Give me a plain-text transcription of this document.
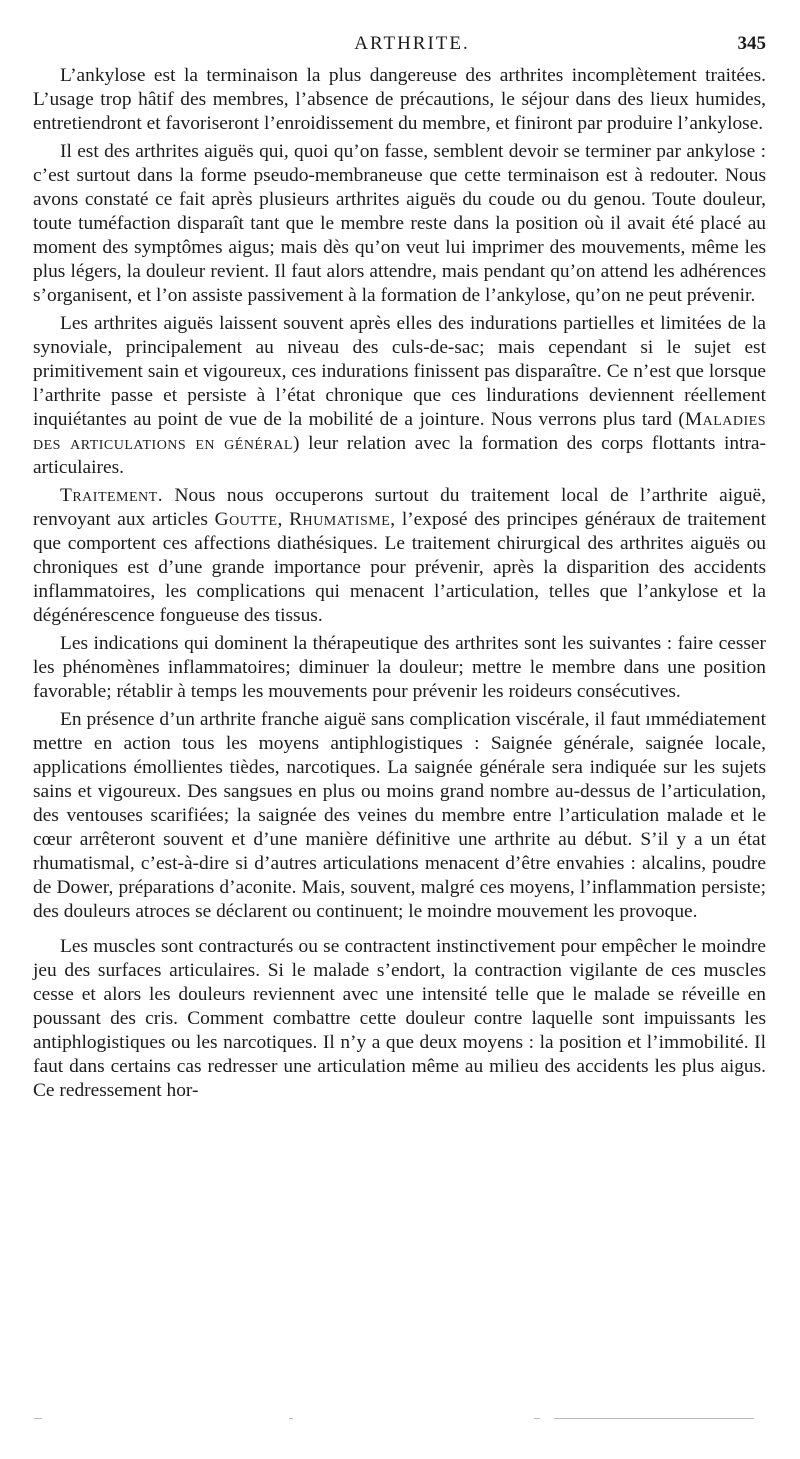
ARTHRITE.	345

L’ankylose est la terminaison la plus dangereuse des arthrites incomplètement traitées. L’usage trop hâtif des membres, l’absence de précautions, le séjour dans des lieux humides, entretiendront et favoriseront l’enroidissement du membre, et finiront par produire l’ankylose.

Il est des arthrites aiguës qui, quoi qu’on fasse, semblent devoir se terminer par ankylose : c’est surtout dans la forme pseudo-membraneuse que cette terminaison est à redouter. Nous avons constaté ce fait après plusieurs arthrites aiguës du coude ou du genou. Toute douleur, toute tuméfaction disparaît tant que le membre reste dans la position où il avait été placé au moment des symptômes aigus; mais dès qu’on veut lui imprimer des mouvements, même les plus légers, la douleur revient. Il faut alors attendre, mais pendant qu’on attend les adhérences s’organisent, et l’on assiste passivement à la formation de l’ankylose, qu’on ne peut prévenir.

Les arthrites aiguës laissent souvent après elles des indurations partielles et limitées de la synoviale, principalement au niveau des culs-de-sac; mais cependant si le sujet est primitivement sain et vigoureux, ces indurations finissent pas disparaître. Ce n’est que lorsque l’arthrite passe et persiste à l’état chronique que ces lindurations deviennent réellement inquiétantes au point de vue de la mobilité de a jointure. Nous verrons plus tard (Maladies des articulations en général) leur relation avec la formation des corps flottants intra-articulaires.

Traitement. Nous nous occuperons surtout du traitement local de l’arthrite aiguë, renvoyant aux articles Goutte, Rhumatisme, l’exposé des principes généraux de traitement que comportent ces affections diathésiques. Le traitement chirurgical des arthrites aiguës ou chroniques est d’une grande importance pour prévenir, après la disparition des accidents inflammatoires, les complications qui menacent l’articulation, telles que l’ankylose et la dégénérescence fongueuse des tissus.

Les indications qui dominent la thérapeutique des arthrites sont les suivantes : faire cesser les phénomènes inflammatoires; diminuer la douleur; mettre le membre dans une position favorable; rétablir à temps les mouvements pour prévenir les roideurs consécutives.

En présence d’un arthrite franche aiguë sans complication viscérale, il faut ımmédiatement mettre en action tous les moyens antiphlogistiques : Saignée générale, saignée locale, applications émollientes tièdes, narcotiques. La saignée générale sera indiquée sur les sujets sains et vigoureux. Des sangsues en plus ou moins grand nombre au-dessus de l’articulation, des ventouses scarifiées; la saignée des veines du membre entre l’articulation malade et le cœur arrêteront souvent et d’une manière définitive une arthrite au début. S’il y a un état rhumatismal, c’est-à-dire si d’autres articulations menacent d’être envahies : alcalins, poudre de Dower, préparations d’aconite. Mais, souvent, malgré ces moyens, l’inflammation persiste; des douleurs atroces se déclarent ou continuent; le moindre mouvement les provoque.

Les muscles sont contracturés ou se contractent instinctivement pour empêcher le moindre jeu des surfaces articulaires. Si le malade s’endort, la contraction vigilante de ces muscles cesse et alors les douleurs reviennent avec une intensité telle que le malade se réveille en poussant des cris. Comment combattre cette douleur contre laquelle sont impuissants les antiphlogistiques ou les narcotiques. Il n’y a que deux moyens : la position et l’immobilité. Il faut dans certains cas redresser une articulation même au milieu des accidents les plus aigus. Ce redressement hor-
